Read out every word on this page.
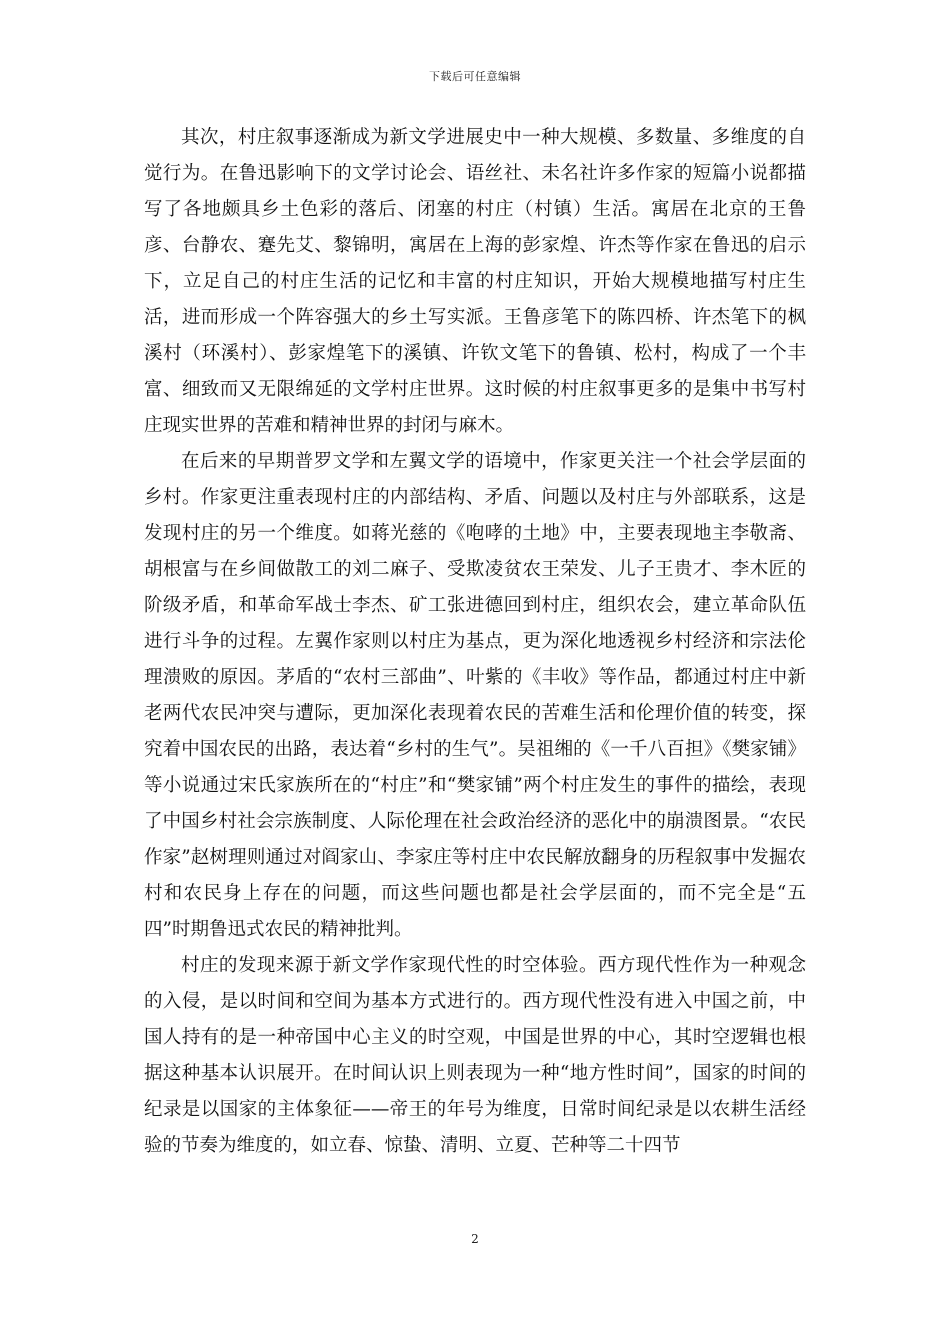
下载后可任意编辑

其次，村庄叙事逐渐成为新文学进展史中一种大规模、多数量、多维度的自觉行为。在鲁迅影响下的文学讨论会、语丝社、未名社许多作家的短篇小说都描写了各地颇具乡土色彩的落后、闭塞的村庄（村镇）生活。寓居在北京的王鲁彦、台静农、蹇先艾、黎锦明，寓居在上海的彭家煌、许杰等作家在鲁迅的启示下，立足自己的村庄生活的记忆和丰富的村庄知识，开始大规模地描写村庄生活，进而形成一个阵容强大的乡土写实派。王鲁彦笔下的陈四桥、许杰笔下的枫溪村（环溪村）、彭家煌笔下的溪镇、许钦文笔下的鲁镇、松村，构成了一个丰富、细致而又无限绵延的文学村庄世界。这时候的村庄叙事更多的是集中书写村庄现实世界的苦难和精神世界的封闭与麻木。

在后来的早期普罗文学和左翼文学的语境中，作家更关注一个社会学层面的乡村。作家更注重表现村庄的内部结构、矛盾、问题以及村庄与外部联系，这是发现村庄的另一个维度。如蒋光慈的《咆哮的土地》中，主要表现地主李敬斋、胡根富与在乡间做散工的刘二麻子、受欺凌贫农王荣发、儿子王贵才、李木匠的阶级矛盾，和革命军战士李杰、矿工张进德回到村庄，组织农会，建立革命队伍进行斗争的过程。左翼作家则以村庄为基点，更为深化地透视乡村经济和宗法伦理溃败的原因。茅盾的“农村三部曲”、叶紫的《丰收》等作品，都通过村庄中新老两代农民冲突与遭际，更加深化表现着农民的苦难生活和伦理价值的转变，探究着中国农民的出路，表达着“乡村的生气”。吴祖缃的《一千八百担》《樊家铺》等小说通过宋氏家族所在的“村庄”和“樊家铺”两个村庄发生的事件的描绘，表现了中国乡村社会宗族制度、人际伦理在社会政治经济的恶化中的崩溃图景。“农民作家”赵树理则通过对阎家山、李家庄等村庄中农民解放翻身的历程叙事中发掘农村和农民身上存在的问题，而这些问题也都是社会学层面的，而不完全是“五四”时期鲁迅式农民的精神批判。

村庄的发现来源于新文学作家现代性的时空体验。西方现代性作为一种观念的入侵，是以时间和空间为基本方式进行的。西方现代性没有进入中国之前，中国人持有的是一种帝国中心主义的时空观，中国是世界的中心，其时空逻辑也根据这种基本认识展开。在时间认识上则表现为一种“地方性时间”，国家的时间的纪录是以国家的主体象征——帝王的年号为维度，日常时间纪录是以农耕生活经验的节奏为维度的，如立春、惊蛰、清明、立夏、芒种等二十四节

2
